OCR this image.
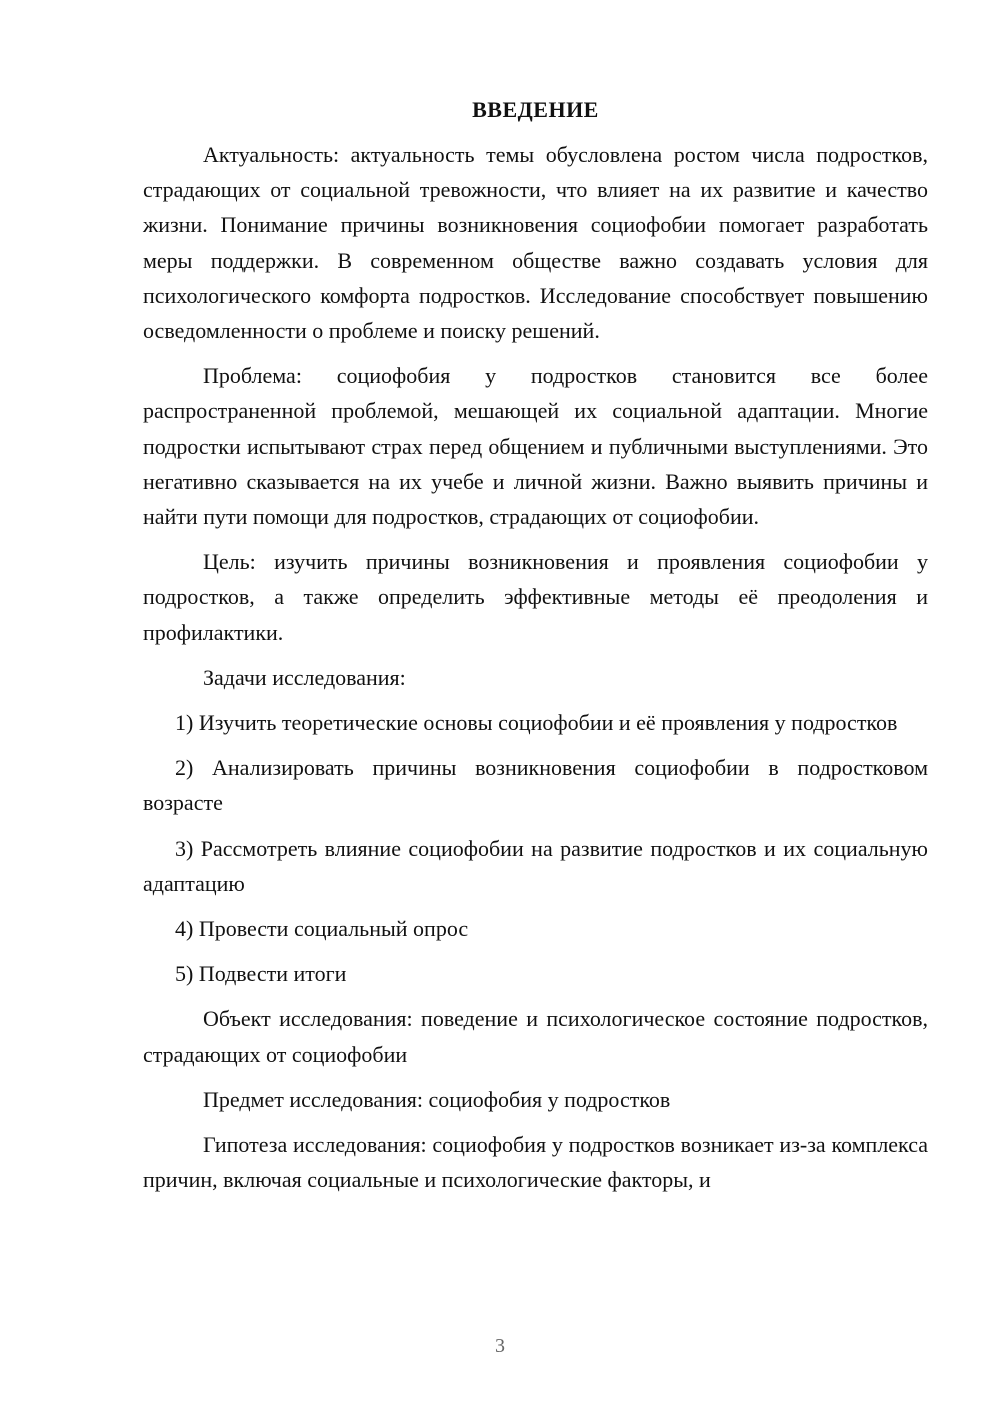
ВВЕДЕНИЕ

Актуальность: актуальность темы обусловлена ростом числа подростков, страдающих от социальной тревожности, что влияет на их развитие и качество жизни. Понимание причины возникновения социофобии помогает разработать меры поддержки. В современном обществе важно создавать условия для психологического комфорта подростков. Исследование способствует повышению осведомленности о проблеме и поиску решений.

Проблема: социофобия у подростков становится все более распространенной проблемой, мешающей их социальной адаптации. Многие подростки испытывают страх перед общением и публичными выступлениями. Это негативно сказывается на их учебе и личной жизни. Важно выявить причины и найти пути помощи для подростков, страдающих от социофобии.

Цель: изучить причины возникновения и проявления социофобии у подростков, а также определить эффективные методы её преодоления и профилактики.

Задачи исследования:

1) Изучить теоретические основы социофобии и её проявления у подростков

2) Анализировать причины возникновения социофобии в подростковом возрасте

3) Рассмотреть влияние социофобии на развитие подростков и их социальную адаптацию

4) Провести социальный опрос

5) Подвести итоги

Объект исследования: поведение и психологическое состояние подростков, страдающих от социофобии

Предмет исследования: социофобия у подростков

Гипотеза исследования: социофобия у подростков возникает из-за комплекса причин, включая социальные и психологические факторы, и

3
